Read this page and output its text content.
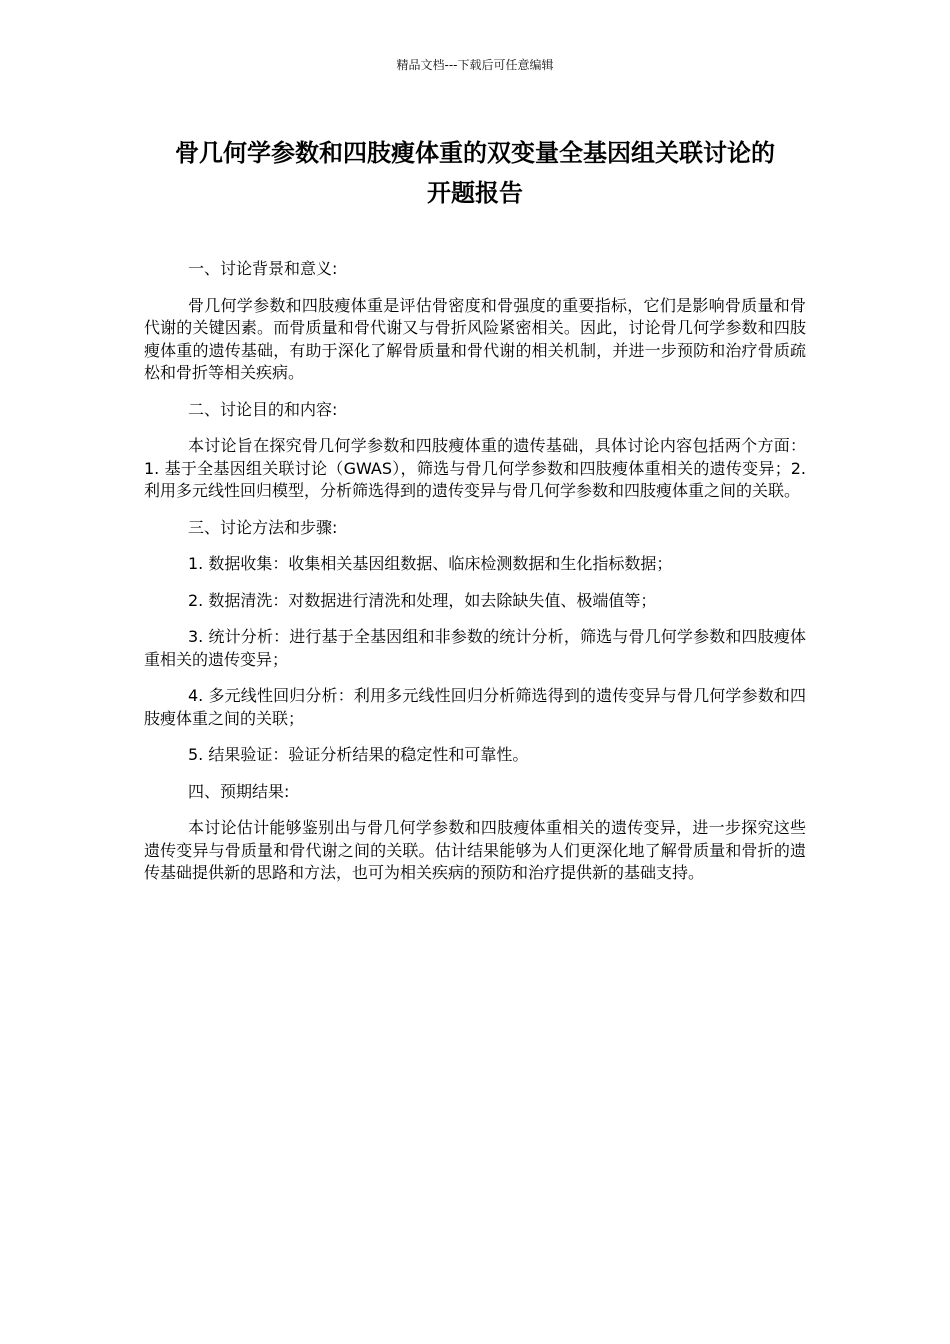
精品文档---下载后可任意编辑
骨几何学参数和四肢瘦体重的双变量全基因组关联讨论的
开题报告

一、讨论背景和意义:

骨几何学参数和四肢瘦体重是评估骨密度和骨强度的重要指标，它们是影响骨质量和骨代谢的关键因素。而骨质量和骨代谢又与骨折风险紧密相关。因此，讨论骨几何学参数和四肢瘦体重的遗传基础，有助于深化了解骨质量和骨代谢的相关机制，并进一步预防和治疗骨质疏松和骨折等相关疾病。

二、讨论目的和内容:

本讨论旨在探究骨几何学参数和四肢瘦体重的遗传基础，具体讨论内容包括两个方面：1. 基于全基因组关联讨论（GWAS），筛选与骨几何学参数和四肢瘦体重相关的遗传变异；2. 利用多元线性回归模型，分析筛选得到的遗传变异与骨几何学参数和四肢瘦体重之间的关联。

三、讨论方法和步骤:

1. 数据收集：收集相关基因组数据、临床检测数据和生化指标数据；

2. 数据清洗：对数据进行清洗和处理，如去除缺失值、极端值等；

3. 统计分析：进行基于全基因组和非参数的统计分析，筛选与骨几何学参数和四肢瘦体重相关的遗传变异；

4. 多元线性回归分析：利用多元线性回归分析筛选得到的遗传变异与骨几何学参数和四肢瘦体重之间的关联；

5. 结果验证：验证分析结果的稳定性和可靠性。

四、预期结果:

本讨论估计能够鉴别出与骨几何学参数和四肢瘦体重相关的遗传变异，进一步探究这些遗传变异与骨质量和骨代谢之间的关联。估计结果能够为人们更深化地了解骨质量和骨折的遗传基础提供新的思路和方法，也可为相关疾病的预防和治疗提供新的基础支持。
